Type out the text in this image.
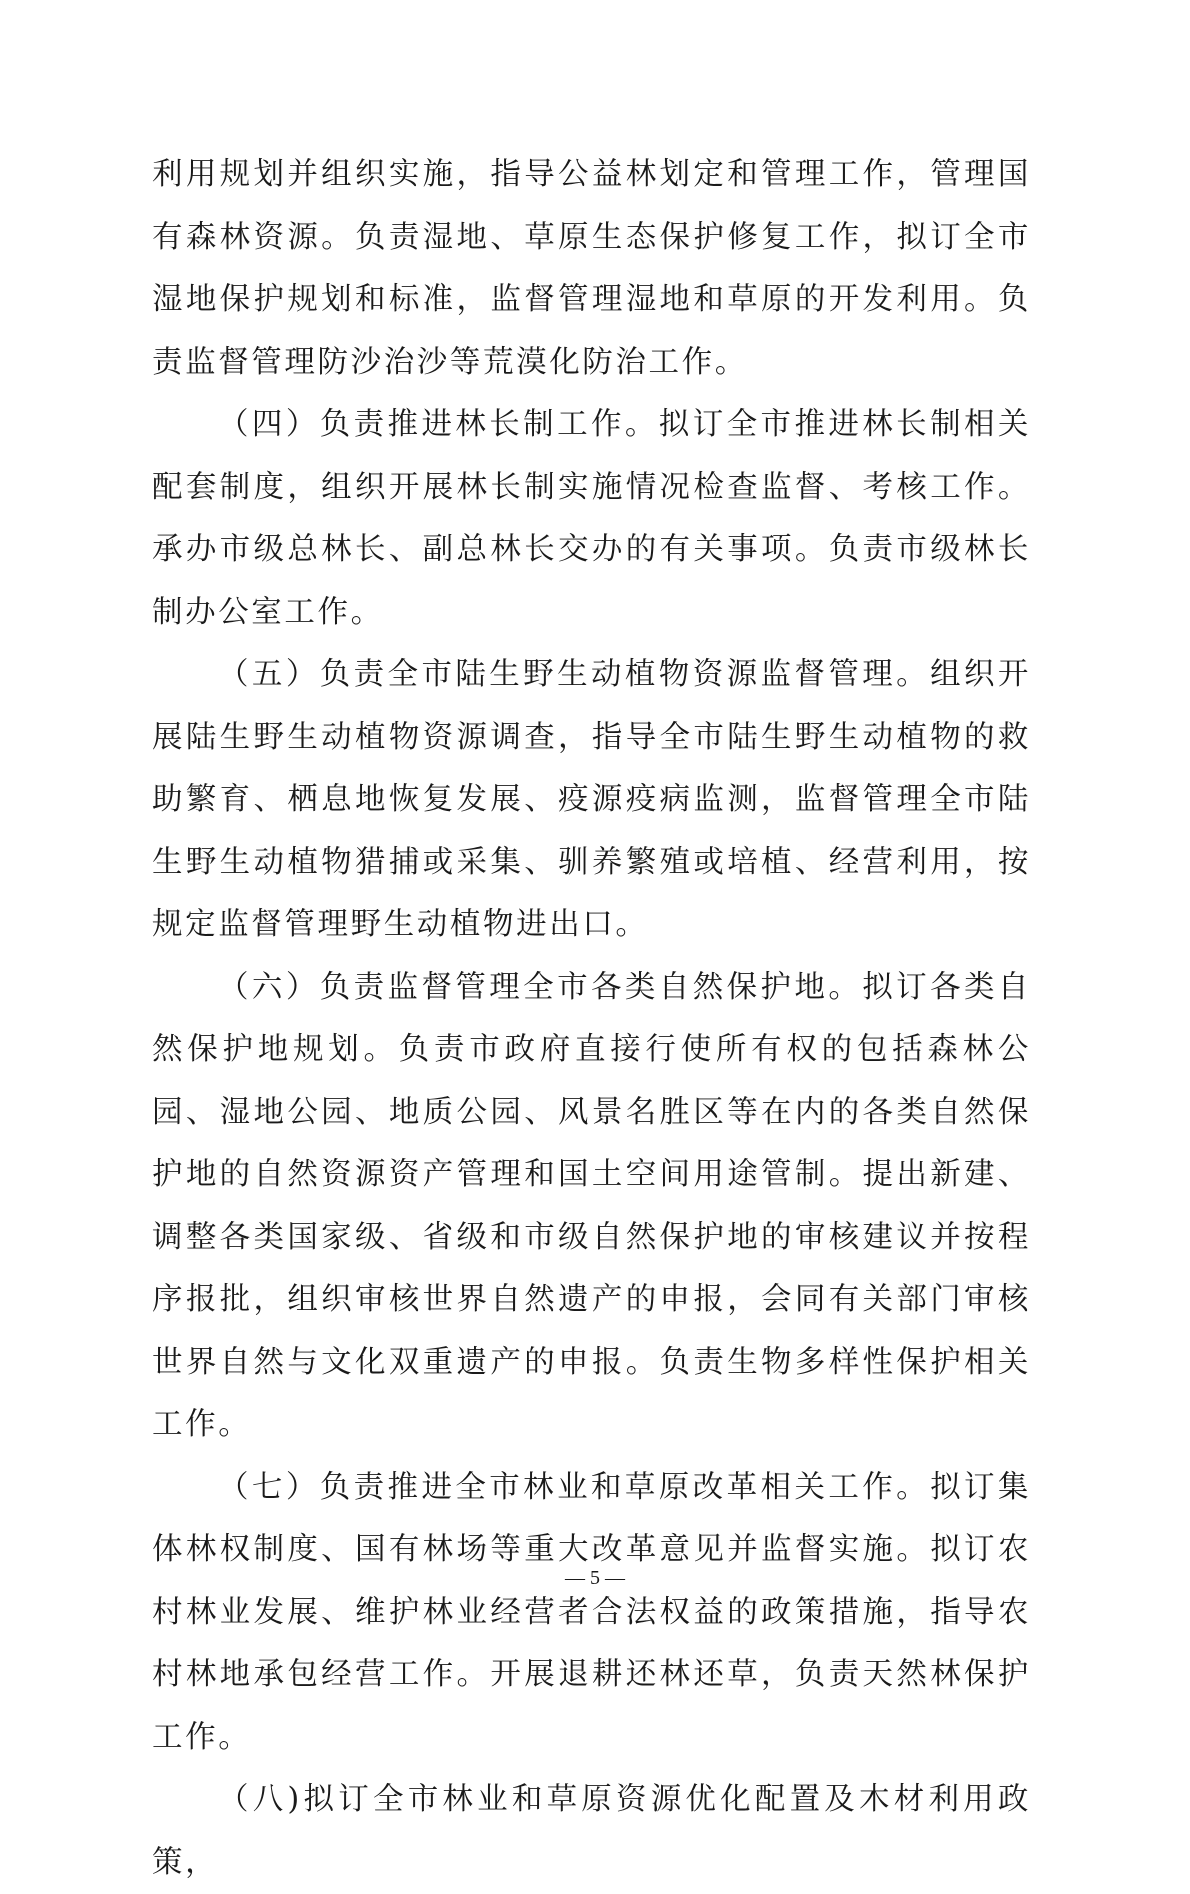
利用规划并组织实施，指导公益林划定和管理工作，管理国有森林资源。负责湿地、草原生态保护修复工作，拟订全市湿地保护规划和标准，监督管理湿地和草原的开发利用。负责监督管理防沙治沙等荒漠化防治工作。

（四）负责推进林长制工作。拟订全市推进林长制相关配套制度，组织开展林长制实施情况检查监督、考核工作。承办市级总林长、副总林长交办的有关事项。负责市级林长制办公室工作。

（五）负责全市陆生野生动植物资源监督管理。组织开展陆生野生动植物资源调查，指导全市陆生野生动植物的救助繁育、栖息地恢复发展、疫源疫病监测，监督管理全市陆生野生动植物猎捕或采集、驯养繁殖或培植、经营利用，按规定监督管理野生动植物进出口。

（六）负责监督管理全市各类自然保护地。拟订各类自然保护地规划。负责市政府直接行使所有权的包括森林公园、湿地公园、地质公园、风景名胜区等在内的各类自然保护地的自然资源资产管理和国土空间用途管制。提出新建、调整各类国家级、省级和市级自然保护地的审核建议并按程序报批，组织审核世界自然遗产的申报，会同有关部门审核世界自然与文化双重遗产的申报。负责生物多样性保护相关工作。

（七）负责推进全市林业和草原改革相关工作。拟订集体林权制度、国有林场等重大改革意见并监督实施。拟订农村林业发展、维护林业经营者合法权益的政策措施，指导农村林地承包经营工作。开展退耕还林还草，负责天然林保护工作。

（八)拟订全市林业和草原资源优化配置及木材利用政策，

— 5 —
